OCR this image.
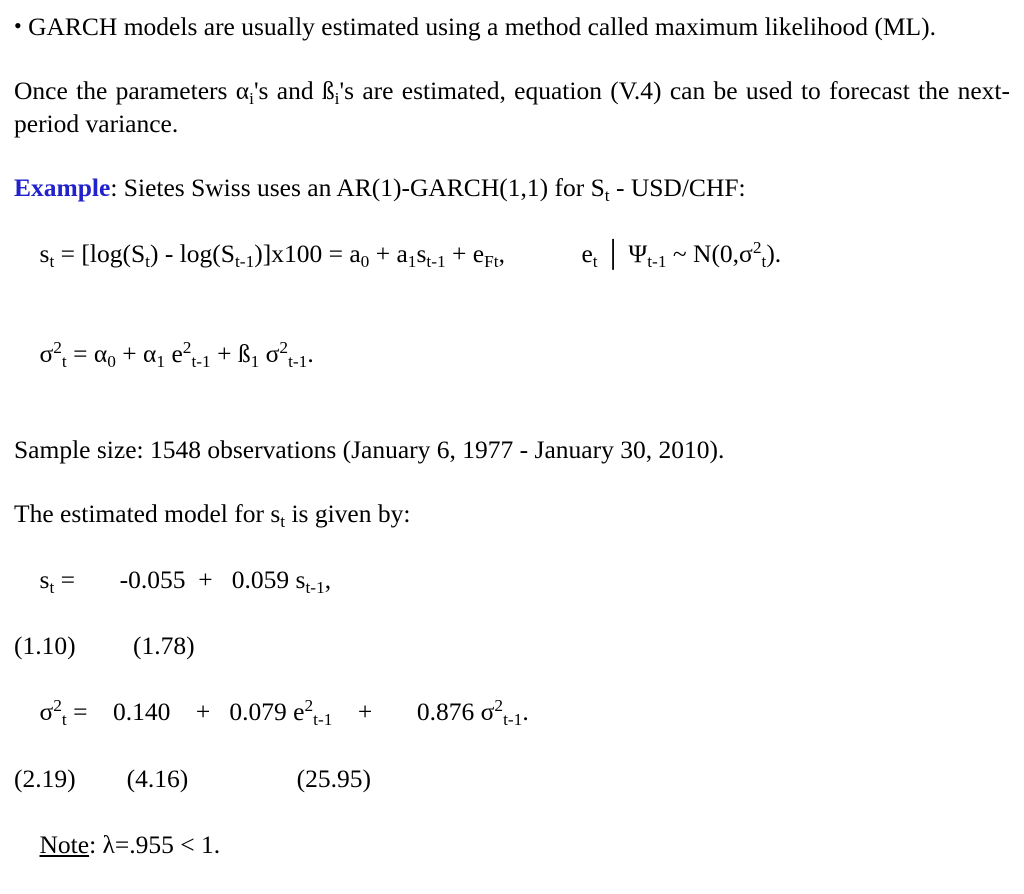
• GARCH models are usually estimated using a method called maximum likelihood (ML).
Once the parameters $\alpha_i's$ and $ß_i's$ are estimated, equation (V.4) can be used to forecast the next-period variance.
Example: Sietes Swiss uses an AR(1)-GARCH(1,1) for $S_t - USD/CHF$:

$s_t = [\log(S_t) - \log(S_{t-1})]x100 = a_0 + a_1s_{t-1} + e_{Ft}$,	$e_t$ │ $\Psi_{t-1}$ ~ $N(0,\sigma^2_t)$.

$\sigma^2_t = \alpha_0 + \alpha_1$ $e^2_{t-1}$ + $ß_1$ $\sigma^2_{t-1}$.

Sample size: 1548 observations (January 6, 1977 - January 30, 2010).
The estimated model for $s_t$ is given by:

$s_t$ =       -0.055  +   0.059 $s_{t-1}$,

(1.10)         (1.78)

$\sigma^2_t$ =    0.140    +   0.079 $e^2_{t-1}$    +       0.876 $\sigma^2_{t-1}$.

(2.19)        (4.16)                 (25.95)

Note: λ=.955 < 1.
